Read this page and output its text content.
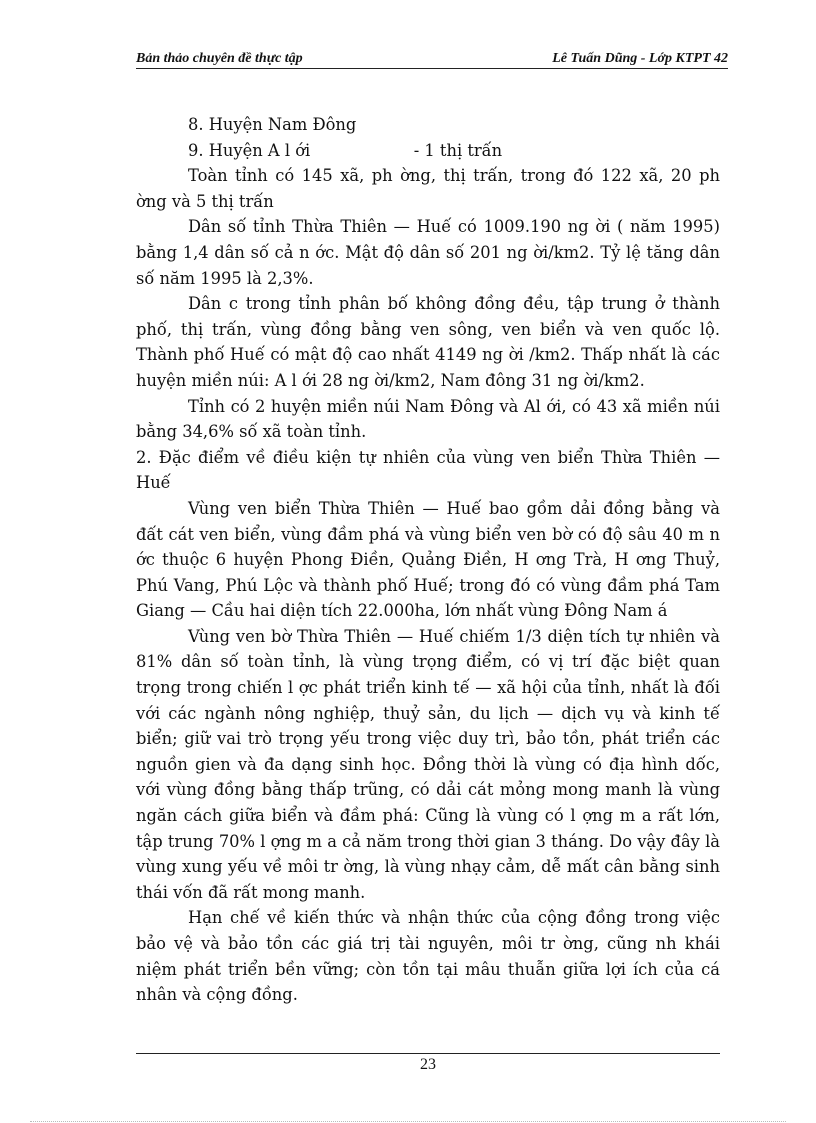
Bản thảo chuyên đề thực tập	Lê Tuấn Dũng - Lớp KTPT 42

8. Huyện Nam Đông

9. Huyện A l ới                    - 1 thị trấn

Toàn tỉnh có 145 xã, ph ờng, thị trấn, trong đó 122 xã, 20 ph ờng và 5 thị trấn

Dân số tỉnh Thừa Thiên — Huế có 1009.190 ng ời ( năm 1995) bằng 1,4 dân số cả n ớc. Mật độ dân số 201 ng ời/km2. Tỷ lệ tăng dân số năm 1995 là 2,3%.

Dân c trong tỉnh phân bố không đồng đều, tập trung ở thành phố, thị trấn, vùng đồng bằng ven sông, ven biển và ven quốc lộ. Thành phố Huế có mật độ cao nhất 4149 ng ời /km2. Thấp nhất là các huyện miền núi: A l ới 28 ng ời/km2, Nam đông 31 ng ời/km2.

Tỉnh có 2 huyện miền núi Nam Đông và Al ới, có 43 xã miền núi bằng 34,6% số xã toàn tỉnh.

2. Đặc điểm về điều kiện tự nhiên của vùng ven biển Thừa Thiên — Huế

Vùng ven biển Thừa Thiên — Huế bao gồm dải đồng bằng và đất cát ven biển, vùng đầm phá và vùng biển ven bờ có độ sâu 40 m n ớc thuộc 6 huyện Phong Điền, Quảng Điền, H ơng Trà, H ơng Thuỷ, Phú Vang, Phú Lộc và thành phố Huế; trong đó có vùng đầm phá Tam Giang — Cầu hai diện tích 22.000ha, lớn nhất vùng Đông Nam á

Vùng ven bờ Thừa Thiên — Huế chiếm 1/3 diện tích tự nhiên và 81% dân số toàn tỉnh, là vùng trọng điểm, có vị trí đặc biệt quan trọng trong chiến l ợc phát triển kinh tế — xã hội của tỉnh, nhất là đối với các ngành nông nghiệp, thuỷ sản, du lịch — dịch vụ và kinh tế biển; giữ vai trò trọng yếu trong việc duy trì, bảo tồn, phát triển các nguồn gien và đa dạng sinh học. Đồng thời là vùng có địa hình dốc, với vùng đồng bằng thấp trũng, có dải cát mỏng mong manh là vùng ngăn cách giữa biển và đầm phá: Cũng là vùng có l ợng m a rất lớn, tập trung 70% l ợng m a cả năm trong thời gian 3 tháng. Do vậy đây là vùng xung yếu về môi tr ờng, là vùng nhạy cảm, dễ mất cân bằng sinh thái vốn đã rất mong manh.

Hạn chế về kiến thức và nhận thức của cộng đồng trong việc bảo vệ và bảo tồn các giá trị tài nguyên, môi tr ờng, cũng nh khái niệm phát triển bền vững; còn tồn tại mâu thuẫn giữa lợi ích của cá nhân và cộng đồng.

23
